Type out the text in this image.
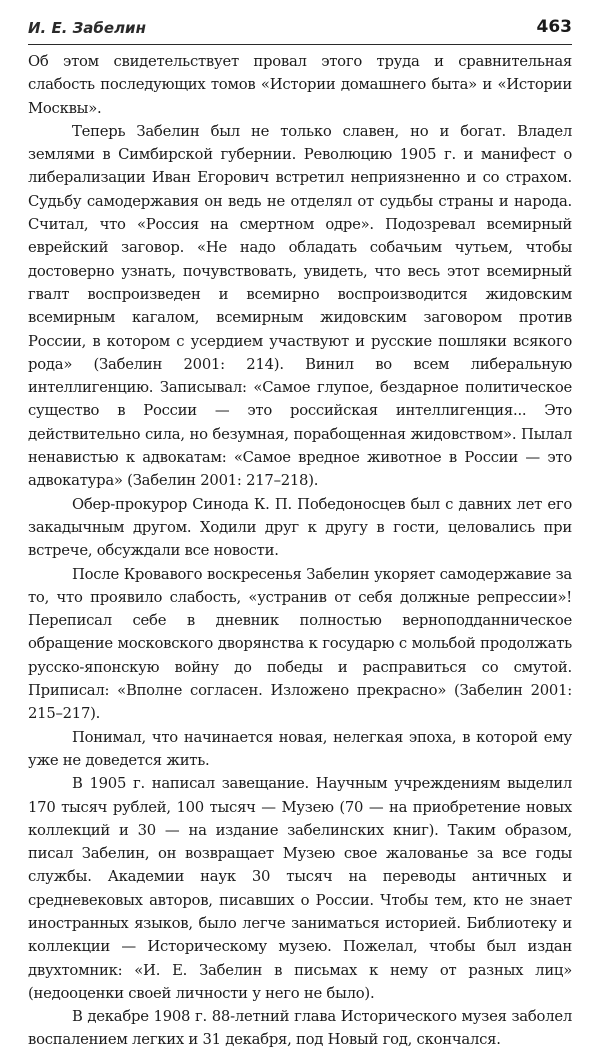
И. Е. Забелин	463

Об этом свидетельствует провал этого труда и сравнительная слабость последующих томов «Истории домашнего быта» и «Истории Москвы».

Теперь Забелин был не только славен, но и богат. Владел землями в Симбирской губернии. Революцию 1905 г. и манифест о либерализации Иван Егорович встретил неприязненно и со страхом. Судьбу самодержавия он ведь не отделял от судьбы страны и народа. Считал, что «Россия на смертном одре». Подозревал всемирный еврейский заговор. «Не надо обладать собачьим чутьем, чтобы достоверно узнать, почувствовать, увидеть, что весь этот всемирный гвалт воспроизведен и всемирно воспроизводится жидовским всемирным кагалом, всемирным жидовским заговором против России, в котором с усердием участвуют и русские пошляки всякого рода» (Забелин 2001: 214). Винил во всем либеральную интеллигенцию. Записывал: «Самое глупое, бездарное политическое существо в России — это российская интеллигенция... Это действительно сила, но безумная, порабощенная жидовством». Пылал ненавистью к адвокатам: «Самое вредное животное в России — это адвокатура» (Забелин 2001: 217–218).

Обер-прокурор Синода К. П. Победоносцев был с давних лет его закадычным другом. Ходили друг к другу в гости, целовались при встрече, обсуждали все новости.

После Кровавого воскресенья Забелин укоряет самодержавие за то, что проявило слабость, «устранив от себя должные репрессии»! Переписал себе в дневник полностью верноподданническое обращение московского дворянства к государю с мольбой продолжать русско-японскую войну до победы и расправиться со смутой. Приписал: «Вполне согласен. Изложено прекрасно» (Забелин 2001: 215–217).

Понимал, что начинается новая, нелегкая эпоха, в которой ему уже не доведется жить.

В 1905 г. написал завещание. Научным учреждениям выделил 170 тысяч рублей, 100 тысяч — Музею (70 — на приобретение новых коллекций и 30 — на издание забелинских книг). Таким образом, писал Забелин, он возвращает Музею свое жалованье за все годы службы. Академии наук 30 тысяч на переводы античных и средневековых авторов, писавших о России. Чтобы тем, кто не знает иностранных языков, было легче заниматься историей. Библиотеку и коллекции — Историческому музею. Пожелал, чтобы был издан двухтомник: «И. Е. Забелин в письмах к нему от разных лиц» (недооценки своей личности у него не было).

В декабре 1908 г. 88-летний глава Исторического музея заболел воспалением легких и 31 декабря, под Новый год, скончался.
